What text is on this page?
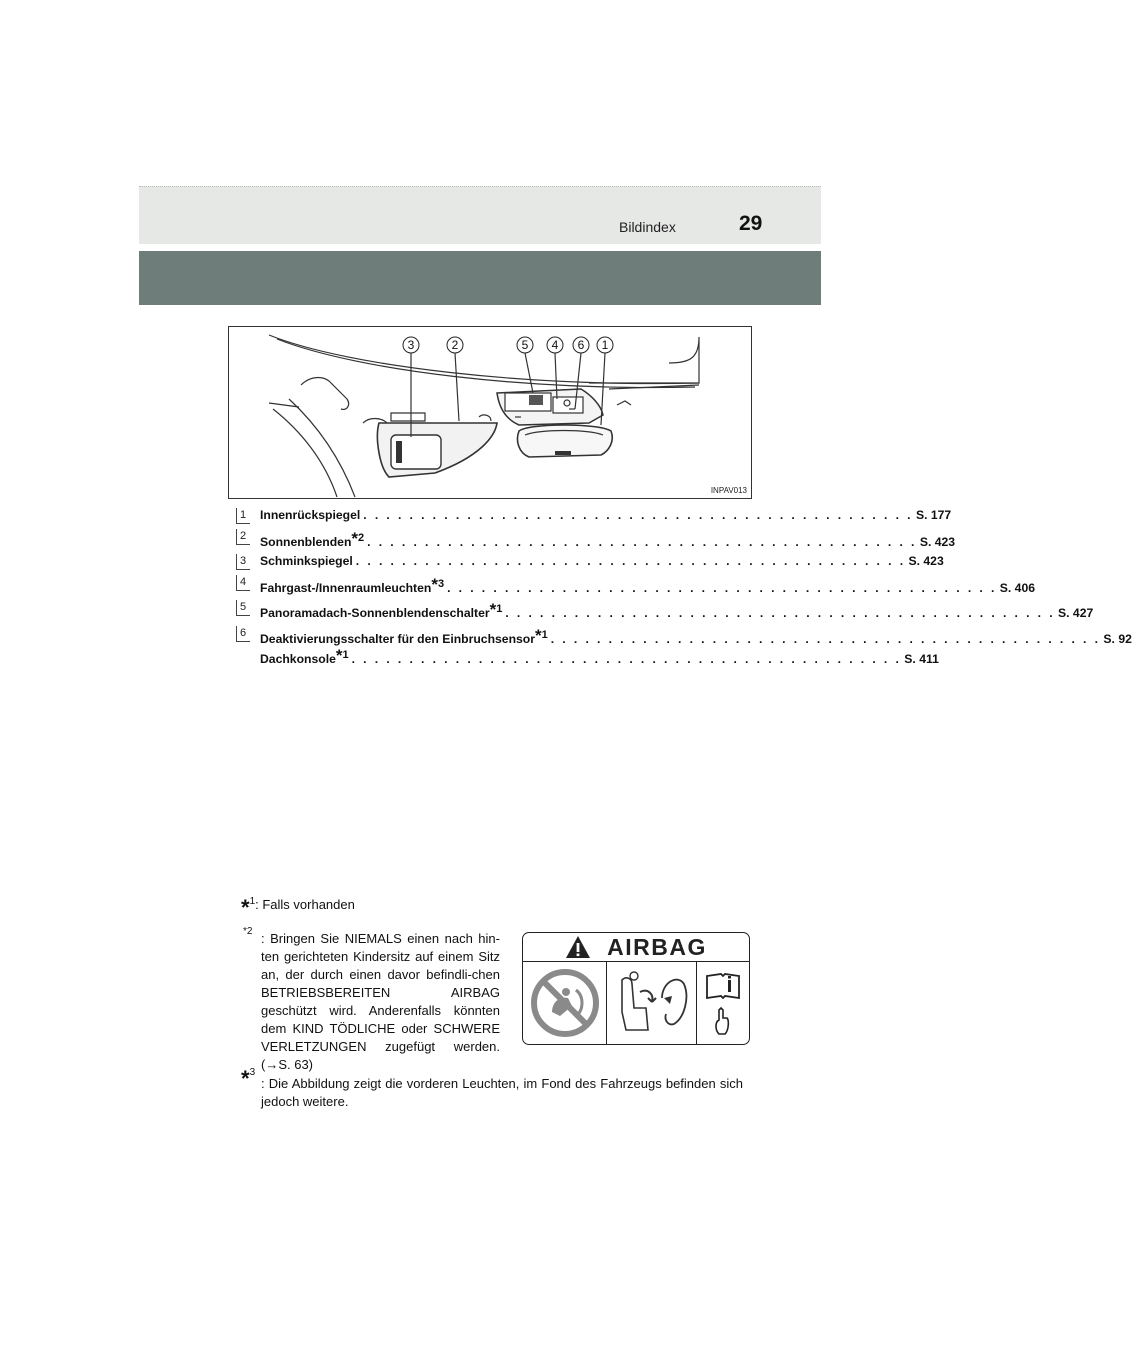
Bildindex	29
3	2	5 4 6 1
INPAV013
1	Innenrückspiegel . . . . . . . . . . . . . . . . . . . . . . . . . . . . . . . . . . . . . . . . . . . . . . . . S. 177
2	Sonnenblenden$^{*2}$ . . . . . . . . . . . . . . . . . . . . . . . . . . . . . . . . . . . . . . . . . . . . . . . . S. 423
3	Schminkspiegel . . . . . . . . . . . . . . . . . . . . . . . . . . . . . . . . . . . . . . . . . . . . . . . . S. 423
4	Fahrgast-/Innenraumleuchten$^{*3}$ . . . . . . . . . . . . . . . . . . . . . . . . . . . . . . . . . . . . . . . . . . . . . . . . S. 406
5	Panoramadach-Sonnenblendenschalter$^{*1}$ . . . . . . . . . . . . . . . . . . . . . . . . . . . . . . . . . . . . . . . . . . . . . . . . S. 427
6	Deaktivierungsschalter für den Einbruchsensor$^{*1}$ . . . . . . . . . . . . . . . . . . . . . . . . . . . . . . . . . . . . . . . . . . . . . . . . S. 92
Dachkonsole$^{*1}$ . . . . . . . . . . . . . . . . . . . . . . . . . . . . . . . . . . . . . . . . . . . . . . . . S. 411
*$^1$: Falls vorhanden
$^{*2}$ : Bringen Sie NIEMALS einen nach hin-ten gerichteten Kindersitz auf einem Sitz an, der durch einen davor befindli-chen BETRIEBSBEREITEN AIRBAG geschützt wird. Anderenfalls könnten dem KIND TÖDLICHE oder SCHWERE VERLETZUNGEN zugefügt werden. (→S. 63)
*$^3$
: Die Abbildung zeigt die vorderen Leuchten, im Fond des Fahrzeugs befinden sich jedoch weitere.
AIRBAG
